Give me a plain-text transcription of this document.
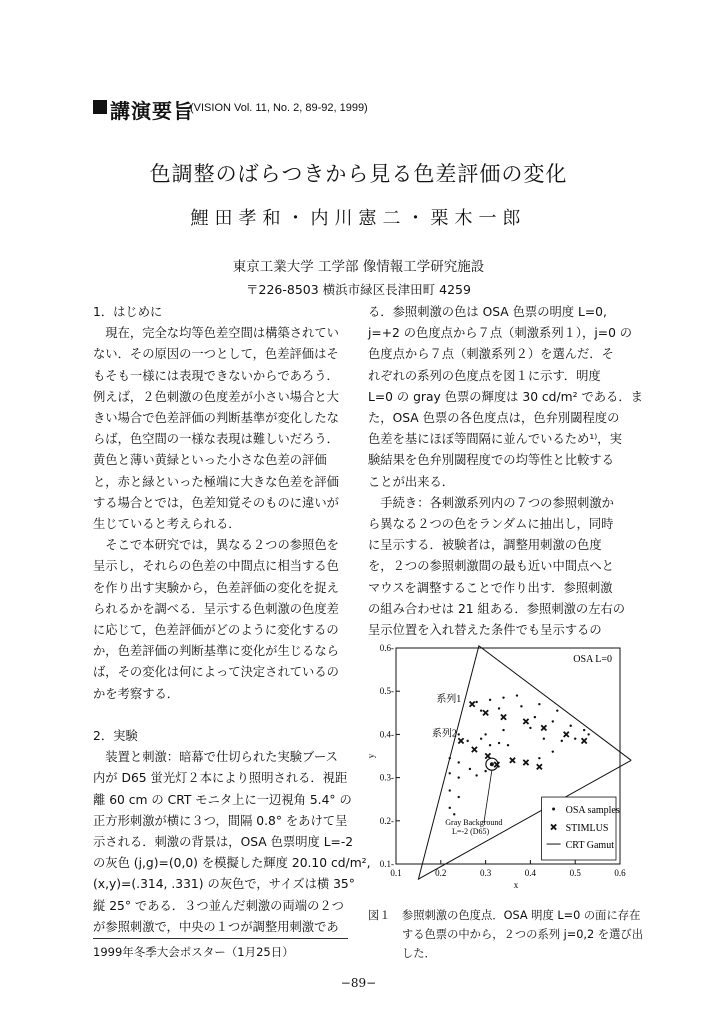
講演要旨
(VISION Vol. 11, No. 2, 89-92, 1999)
色調整のばらつきから見る色差評価の変化
鯉田孝和・内川憲二・栗木一郎
東京工業大学 工学部 像情報工学研究施設
〒226-8503 横浜市緑区長津田町 4259

1．はじめに

　現在，完全な均等色差空間は構築されてい

ない．その原因の一つとして，色差評価はそ

もそも一様には表現できないからであろう．

例えば，２色刺激の色度差が小さい場合と大

きい場合で色差評価の判断基準が変化したな

らば，色空間の一様な表現は難しいだろう．

黄色と薄い黄緑といった小さな色差の評価

と，赤と緑といった極端に大きな色差を評価

する場合とでは，色差知覚そのものに違いが

生じていると考えられる．

　そこで本研究では，異なる２つの参照色を

呈示し，それらの色差の中間点に相当する色

を作り出す実験から，色差評価の変化を捉え

られるかを調べる．呈示する色刺激の色度差

に応じて，色差評価がどのように変化するの

か，色差評価の判断基準に変化が生じるなら

ば，その変化は何によって決定されているの

かを考察する．

2．実験

　装置と刺激：暗幕で仕切られた実験ブース

内が D65 蛍光灯２本により照明される．視距

離 60 cm の CRT モニタ上に一辺視角 5.4° の

正方形刺激が横に３つ，間隔 0.8° をあけて呈

示される．刺激の背景は，OSA 色票明度 L=-2

の灰色 (j,g)=(0,0) を模擬した輝度 20.10 cd/m²,

(x,y)=(.314, .331) の灰色で，サイズは横 35°

縦 25° である．３つ並んだ刺激の両端の２つ

が参照刺激で，中央の１つが調整用刺激であ

る．参照刺激の色は OSA 色票の明度 L=0,

j=+2 の色度点から７点（刺激系列１），j=0 の

色度点から７点（刺激系列２）を選んだ．そ

れぞれの系列の色度点を図１に示す．明度

L=0 の gray 色票の輝度は 30 cd/m² である．ま

た，OSA 色票の各色度点は，色弁別閾程度の

色差を基にほぼ等間隔に並んでいるため¹⁾，実

験結果を色弁別閾程度での均等性と比較する

ことが出来る．

　手続き：各刺激系列内の７つの参照刺激か

ら異なる２つの色をランダムに抽出し，同時

に呈示する．被験者は，調整用刺激の色度

を，２つの参照刺激間の最も近い中間点へと

マウスを調整することで作り出す．参照刺激

の組み合わせは 21 組ある．参照刺激の左右の

呈示位置を入れ替えた条件でも呈示するの

0.1	0.2	0.3	0.4	0.5	0.6
0.1-
0.2-
0.3-
0.4-
0.5-
0.6-
x
y
OSA L=0
Gray Background
L=-2 (D65)
系列1
系列2
OSA samples
STIMLUS
CRT Gamut

図１　参照刺激の色度点．OSA 明度 L=0 の面に存在

　　　する色票の中から，２つの系列 j=0,2 を選び出

　　　した．

1999年冬季大会ポスター（1月25日）
−89−
